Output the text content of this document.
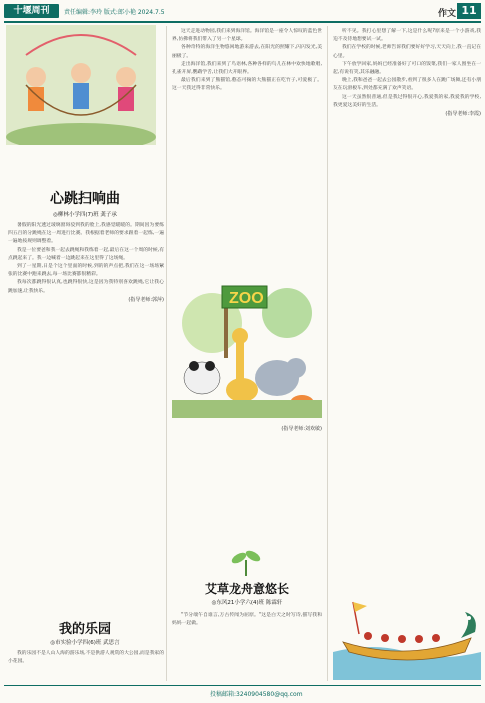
十堰周刊	责任编辑:李玲 版式:郎小艳 2024.7.5	作文 11
心跳扫响曲
◎柳林小学四(7)班 龚子承

暑假的阳光透过玻璃窗斑驳到我的脸上,我感觉暖暖的。期间因为要练四五百的分跳绳在这一周进行比赛。我根据着老师的要求跟着一起练,一遍一遍地按规则调整着。

我是一位要爸和我一起去跳绳和我练着一起,最后在这一个周的时候,有点跳起来了。我一边喊着一边跳起来在这里得了这场绳。

到了一星期,日是个这个里面的时候,到的的声点把,我们在这一场场紧张的比赛中跑来跳去,每一场比赛都很精彩。

我每次都跳得很认真,也跳得很快,这是因为我特别喜欢跳绳,它让我心跳加速,让我快乐。

(指导老师:郭萍)
我的乐园
◎市实验小学四(6)班 武思言

我的乐园不是人山人海的游乐场,不是供游人观赏的大公园,而是我家的小花园。

这天走进动物园,我们来到海洋馆。海洋馆是一座令人惊叹的蓝色世界,仿佛将我们带入了另一个星球。

各种奇特的海洋生物悠闲地游来游去,在阳光的照耀下,闪闪发光,美丽极了。

走出海洋馆,我们来到了鸟语林,各种各样的鸟儿在林中欢快地歌唱,孔雀开屏,鹦鹉学舌,让我们大开眼界。

最后我们来到了熊猫馆,憨态可掬的大熊猫正在吃竹子,可爱极了。这一天我过得非常快乐。

ZOO
(指导老师:刘欢敏)
艾草龙舟意悠长
◎东风21小学六(4)班 陈霖轩

"节分端午自谁言,万古传闻为屈原。"这是白天之时写诗,描写我和妈妈一起做。

听不见。我打心里想了解一下,这是什么呢?原来是一个小游戏,我迫不及待地想要试一试。

我们在学校的时候,老师告诉我们要好好学习,天天向上,我一直记在心里。

下午放学回家,妈妈已经准备好了可口的饭菜,我们一家人围坐在一起,有说有笑,其乐融融。

晚上,我和爸爸一起去公园散步,看到了很多人在跳广场舞,还有小朋友在玩滑板车,到处都充满了欢声笑语。

这一天虽然很普通,但是我过得很开心,我爱我的家,我爱我的学校,我更爱这美好的生活。

(指导老师:李霞)
投稿邮箱:3240904580@qq.com
